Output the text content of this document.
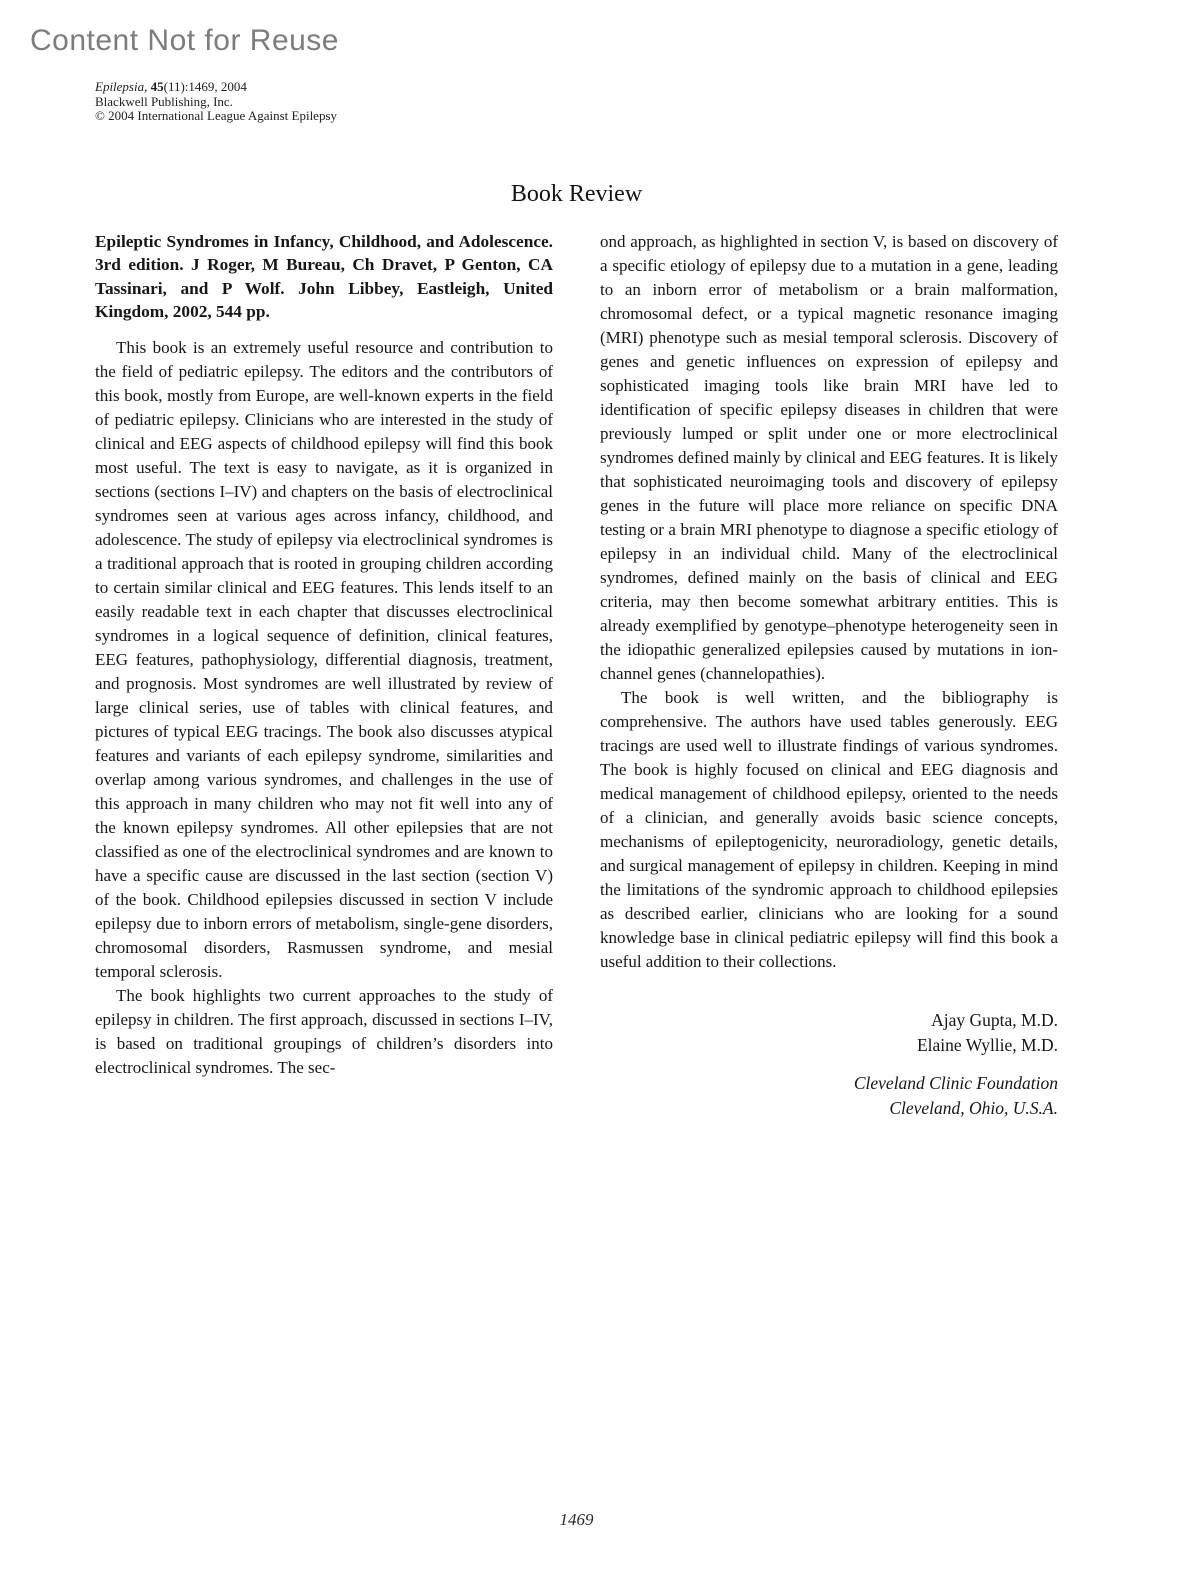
Content Not for Reuse
Epilepsia, 45(11):1469, 2004
Blackwell Publishing, Inc.
© 2004 International League Against Epilepsy
Book Review

Epileptic Syndromes in Infancy, Childhood, and Adolescence. 3rd edition. J Roger, M Bureau, Ch Dravet, P Genton, CA Tassinari, and P Wolf. John Libbey, Eastleigh, United Kingdom, 2002, 544 pp.

This book is an extremely useful resource and contribution to the field of pediatric epilepsy. The editors and the contributors of this book, mostly from Europe, are well-known experts in the field of pediatric epilepsy. Clinicians who are interested in the study of clinical and EEG aspects of childhood epilepsy will find this book most useful. The text is easy to navigate, as it is organized in sections (sections I–IV) and chapters on the basis of electroclinical syndromes seen at various ages across infancy, childhood, and adolescence. The study of epilepsy via electroclinical syndromes is a traditional approach that is rooted in grouping children according to certain similar clinical and EEG features. This lends itself to an easily readable text in each chapter that discusses electroclinical syndromes in a logical sequence of definition, clinical features, EEG features, pathophysiology, differential diagnosis, treatment, and prognosis. Most syndromes are well illustrated by review of large clinical series, use of tables with clinical features, and pictures of typical EEG tracings. The book also discusses atypical features and variants of each epilepsy syndrome, similarities and overlap among various syndromes, and challenges in the use of this approach in many children who may not fit well into any of the known epilepsy syndromes. All other epilepsies that are not classified as one of the electroclinical syndromes and are known to have a specific cause are discussed in the last section (section V) of the book. Childhood epilepsies discussed in section V include epilepsy due to inborn errors of metabolism, single-gene disorders, chromosomal disorders, Rasmussen syndrome, and mesial temporal sclerosis.

The book highlights two current approaches to the study of epilepsy in children. The first approach, discussed in sections I–IV, is based on traditional groupings of children’s disorders into electroclinical syndromes. The sec-

ond approach, as highlighted in section V, is based on discovery of a specific etiology of epilepsy due to a mutation in a gene, leading to an inborn error of metabolism or a brain malformation, chromosomal defect, or a typical magnetic resonance imaging (MRI) phenotype such as mesial temporal sclerosis. Discovery of genes and genetic influences on expression of epilepsy and sophisticated imaging tools like brain MRI have led to identification of specific epilepsy diseases in children that were previously lumped or split under one or more electroclinical syndromes defined mainly by clinical and EEG features. It is likely that sophisticated neuroimaging tools and discovery of epilepsy genes in the future will place more reliance on specific DNA testing or a brain MRI phenotype to diagnose a specific etiology of epilepsy in an individual child. Many of the electroclinical syndromes, defined mainly on the basis of clinical and EEG criteria, may then become somewhat arbitrary entities. This is already exemplified by genotype–phenotype heterogeneity seen in the idiopathic generalized epilepsies caused by mutations in ion-channel genes (channelopathies).

The book is well written, and the bibliography is comprehensive. The authors have used tables generously. EEG tracings are used well to illustrate findings of various syndromes. The book is highly focused on clinical and EEG diagnosis and medical management of childhood epilepsy, oriented to the needs of a clinician, and generally avoids basic science concepts, mechanisms of epileptogenicity, neuroradiology, genetic details, and surgical management of epilepsy in children. Keeping in mind the limitations of the syndromic approach to childhood epilepsies as described earlier, clinicians who are looking for a sound knowledge base in clinical pediatric epilepsy will find this book a useful addition to their collections.

Ajay Gupta, M.D.
Elaine Wyllie, M.D.
Cleveland Clinic Foundation
Cleveland, Ohio, U.S.A.
1469
